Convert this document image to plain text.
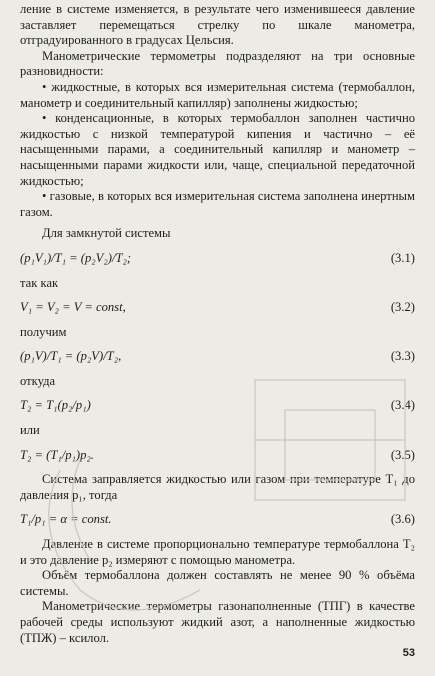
ление в системе изменяется, в результате чего изменившееся давление заставляет перемещаться стрелку по шкале манометра, отградуированного в градусах Цельсия.

Манометрические термометры подразделяют на три основные разновидности:

• жидкостные, в которых вся измерительная система (термобаллон, манометр и соединительный капилляр) заполнены жидкостью;

• конденсационные, в которых термобаллон заполнен частично жидкостью с низкой температурой кипения и частично – её насыщенными парами, а соединительный капилляр и манометр – насыщенными парами жидкости или, чаще, специальной передаточной жидкостью;

• газовые, в которых вся измерительная система заполнена инертным газом.

Для замкнутой системы

(p₁V₁)/T₁ = (p₂V₂)/T₂;	(3.1)

так как

V₁ = V₂ = V = const,	(3.2)

получим

(p₁V)/T₁ = (p₂V)/T₂,	(3.3)

откуда

T₂ = T₁(p₂/p₁)	(3.4)

или

T₂ = (T₁/p₁)p₂.	(3.5)

Система заправляется жидкостью или газом при температуре T₁ до давления p₁, тогда

T₁/p₁ = α = const.	(3.6)

Давление в системе пропорционально температуре термобаллона T₂ и это давление p₂ измеряют с помощью манометра.

Объём термобаллона должен составлять не менее 90 % объёма системы.

Манометрические термометры газонаполненные (ТПГ) в качестве рабочей среды используют жидкий азот, а наполненные жидкостью (ТПЖ) – ксилол.

53
